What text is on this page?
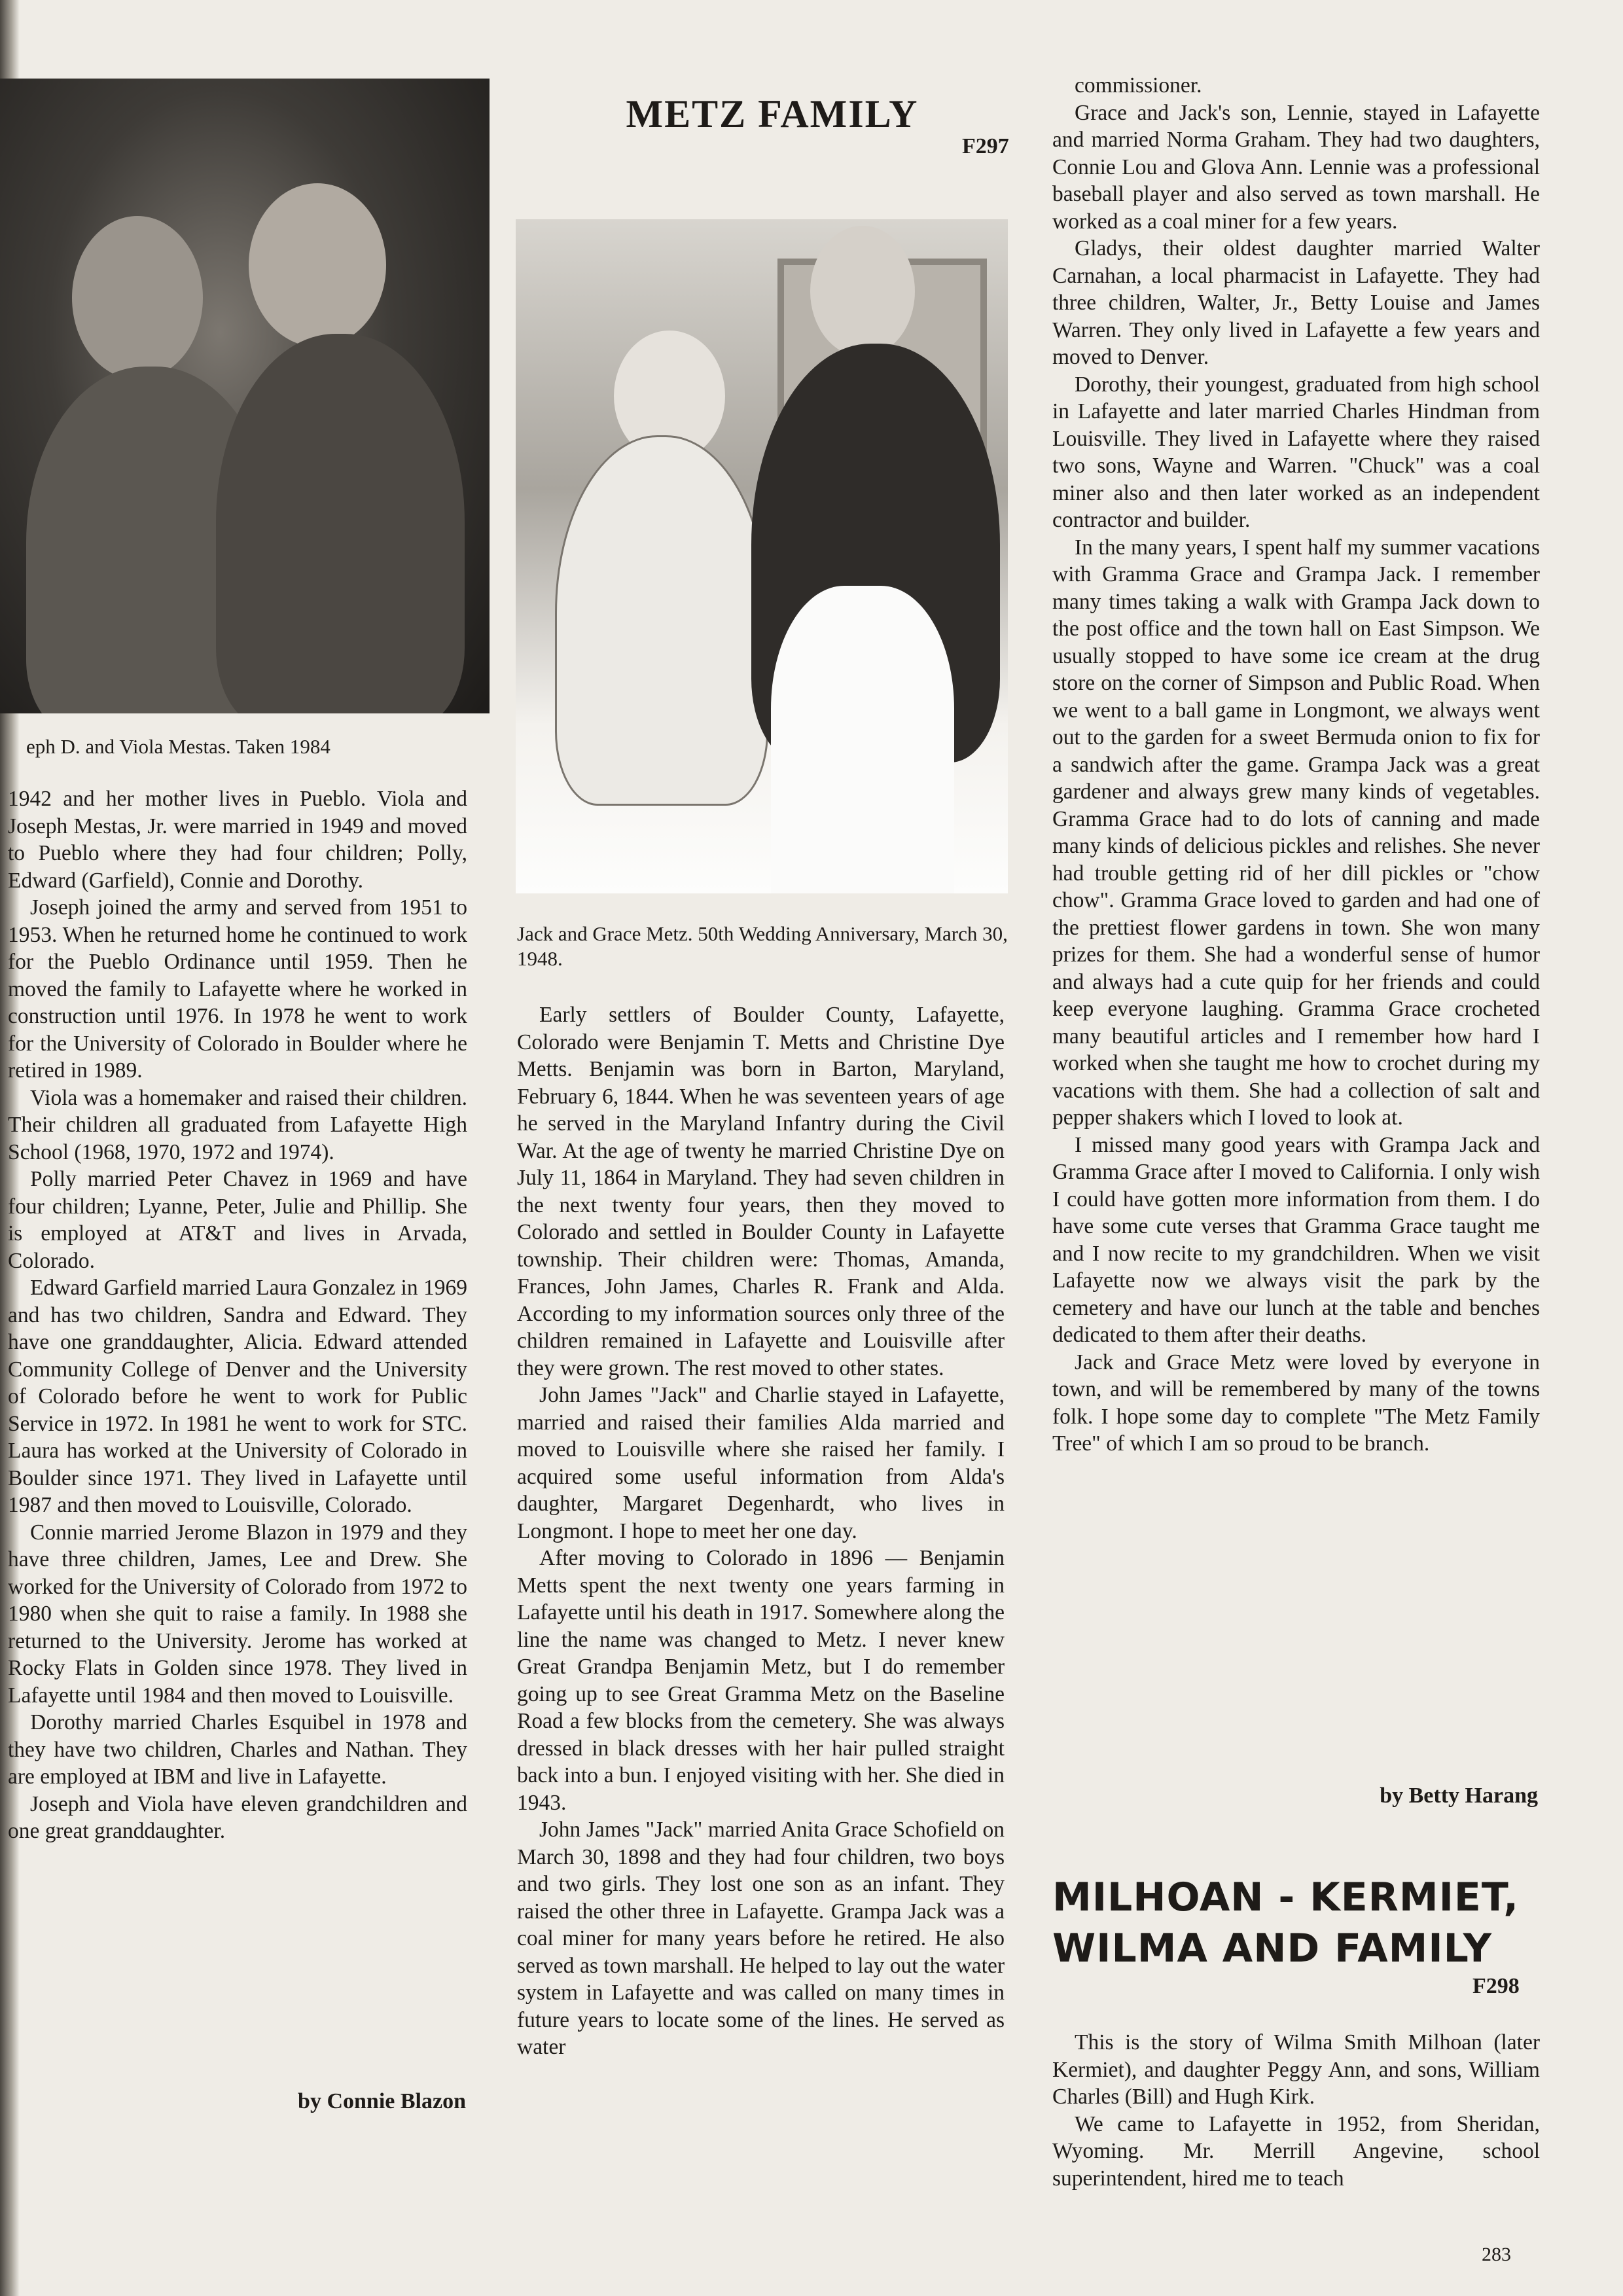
eph D. and Viola Mestas. Taken 1984
METZ FAMILY
F297
Jack and Grace Metz. 50th Wedding Anniversary, March 30, 1948.

1942 and her mother lives in Pueblo. Viola and Joseph Mestas, Jr. were married in 1949 and moved to Pueblo where they had four children; Polly, Edward (Garfield), Connie and Dorothy.

Joseph joined the army and served from 1951 to 1953. When he returned home he continued to work for the Pueblo Ordinance until 1959. Then he moved the family to Lafayette where he worked in construction until 1976. In 1978 he went to work for the University of Colorado in Boulder where he retired in 1989.

Viola was a homemaker and raised their children. Their children all graduated from Lafayette High School (1968, 1970, 1972 and 1974).

Polly married Peter Chavez in 1969 and have four children; Lyanne, Peter, Julie and Phillip. She is employed at AT&T and lives in Arvada, Colorado.

Edward Garfield married Laura Gonzalez in 1969 and has two children, Sandra and Edward. They have one granddaughter, Alicia. Edward attended Community College of Denver and the University of Colorado before he went to work for Public Service in 1972. In 1981 he went to work for STC. Laura has worked at the University of Colorado in Boulder since 1971. They lived in Lafayette until 1987 and then moved to Louisville, Colorado.

Connie married Jerome Blazon in 1979 and they have three children, James, Lee and Drew. She worked for the University of Colorado from 1972 to 1980 when she quit to raise a family. In 1988 she returned to the University. Jerome has worked at Rocky Flats in Golden since 1978. They lived in Lafayette until 1984 and then moved to Louisville.

Dorothy married Charles Esquibel in 1978 and they have two children, Charles and Nathan. They are employed at IBM and live in Lafayette.

Joseph and Viola have eleven grandchildren and one great granddaughter.

by Connie Blazon

Early settlers of Boulder County, Lafayette, Colorado were Benjamin T. Metts and Christine Dye Metts. Benjamin was born in Barton, Maryland, February 6, 1844. When he was seventeen years of age he served in the Maryland Infantry during the Civil War. At the age of twenty he married Christine Dye on July 11, 1864 in Maryland. They had seven children in the next twenty four years, then they moved to Colorado and settled in Boulder County in Lafayette township. Their children were: Thomas, Amanda, Frances, John James, Charles R. Frank and Alda. According to my information sources only three of the children remained in Lafayette and Louisville after they were grown. The rest moved to other states.

John James "Jack" and Charlie stayed in Lafayette, married and raised their families Alda married and moved to Louisville where she raised her family. I acquired some useful information from Alda's daughter, Margaret Degenhardt, who lives in Longmont. I hope to meet her one day.

After moving to Colorado in 1896 — Benjamin Metts spent the next twenty one years farming in Lafayette until his death in 1917. Somewhere along the line the name was changed to Metz. I never knew Great Grandpa Benjamin Metz, but I do remember going up to see Great Gramma Metz on the Baseline Road a few blocks from the cemetery. She was always dressed in black dresses with her hair pulled straight back into a bun. I enjoyed visiting with her. She died in 1943.

John James "Jack" married Anita Grace Schofield on March 30, 1898 and they had four children, two boys and two girls. They lost one son as an infant. They raised the other three in Lafayette. Grampa Jack was a coal miner for many years before he retired. He also served as town marshall. He helped to lay out the water system in Lafayette and was called on many times in future years to locate some of the lines. He served as water

commissioner.

Grace and Jack's son, Lennie, stayed in Lafayette and married Norma Graham. They had two daughters, Connie Lou and Glova Ann. Lennie was a professional baseball player and also served as town marshall. He worked as a coal miner for a few years.

Gladys, their oldest daughter married Walter Carnahan, a local pharmacist in Lafayette. They had three children, Walter, Jr., Betty Louise and James Warren. They only lived in Lafayette a few years and moved to Denver.

Dorothy, their youngest, graduated from high school in Lafayette and later married Charles Hindman from Louisville. They lived in Lafayette where they raised two sons, Wayne and Warren. "Chuck" was a coal miner also and then later worked as an independent contractor and builder.

In the many years, I spent half my summer vacations with Gramma Grace and Grampa Jack. I remember many times taking a walk with Grampa Jack down to the post office and the town hall on East Simpson. We usually stopped to have some ice cream at the drug store on the corner of Simpson and Public Road. When we went to a ball game in Longmont, we always went out to the garden for a sweet Bermuda onion to fix for a sandwich after the game. Grampa Jack was a great gardener and always grew many kinds of vegetables. Gramma Grace had to do lots of canning and made many kinds of delicious pickles and relishes. She never had trouble getting rid of her dill pickles or "chow chow". Gramma Grace loved to garden and had one of the prettiest flower gardens in town. She won many prizes for them. She had a wonderful sense of humor and always had a cute quip for her friends and could keep everyone laughing. Gramma Grace crocheted many beautiful articles and I remember how hard I worked when she taught me how to crochet during my vacations with them. She had a collection of salt and pepper shakers which I loved to look at.

I missed many good years with Grampa Jack and Gramma Grace after I moved to California. I only wish I could have gotten more information from them. I do have some cute verses that Gramma Grace taught me and I now recite to my grandchildren. When we visit Lafayette now we always visit the park by the cemetery and have our lunch at the table and benches dedicated to them after their deaths.

Jack and Grace Metz were loved by everyone in town, and will be remembered by many of the towns folk. I hope some day to complete "The Metz Family Tree" of which I am so proud to be branch.

by Betty Harang
MILHOAN - KERMIET,
WILMA AND FAMILY
F298

This is the story of Wilma Smith Milhoan (later Kermiet), and daughter Peggy Ann, and sons, William Charles (Bill) and Hugh Kirk.

We came to Lafayette in 1952, from Sheridan, Wyoming. Mr. Merrill Angevine, school superintendent, hired me to teach

283
